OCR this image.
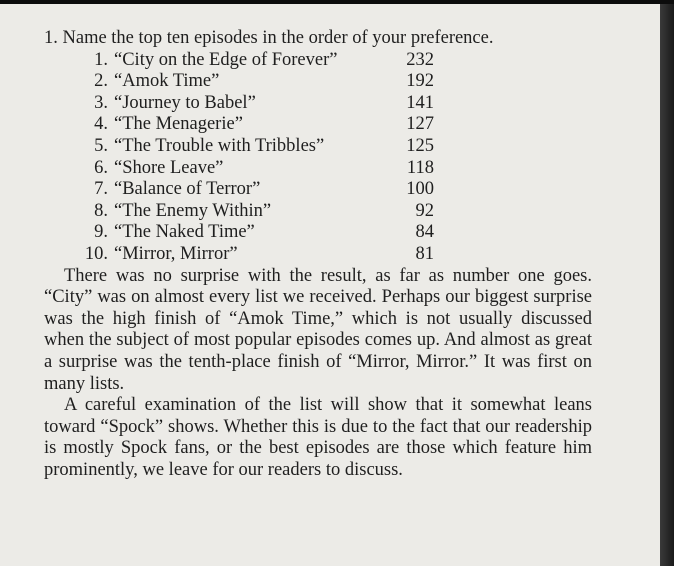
1. Name the top ten episodes in the order of your preference.

1. “City on the Edge of Forever”	232
2. “Amok Time”	192
3. “Journey to Babel”	141
4. “The Menagerie”	127
5. “The Trouble with Tribbles”	125
6. “Shore Leave”	118
7. “Balance of Terror”	100
8. “The Enemy Within”	92
9. “The Naked Time”	84
10. “Mirror, Mirror”	81

There was no surprise with the result, as far as number one goes. “City” was on almost every list we received. Perhaps our biggest surprise was the high finish of “Amok Time,” which is not usually discussed when the subject of most popular episodes comes up. And almost as great a surprise was the tenth-place finish of “Mirror, Mirror.” It was first on many lists.

A careful examination of the list will show that it somewhat leans toward “Spock” shows. Whether this is due to the fact that our readership is mostly Spock fans, or the best episodes are those which feature him prominently, we leave for our readers to discuss.
